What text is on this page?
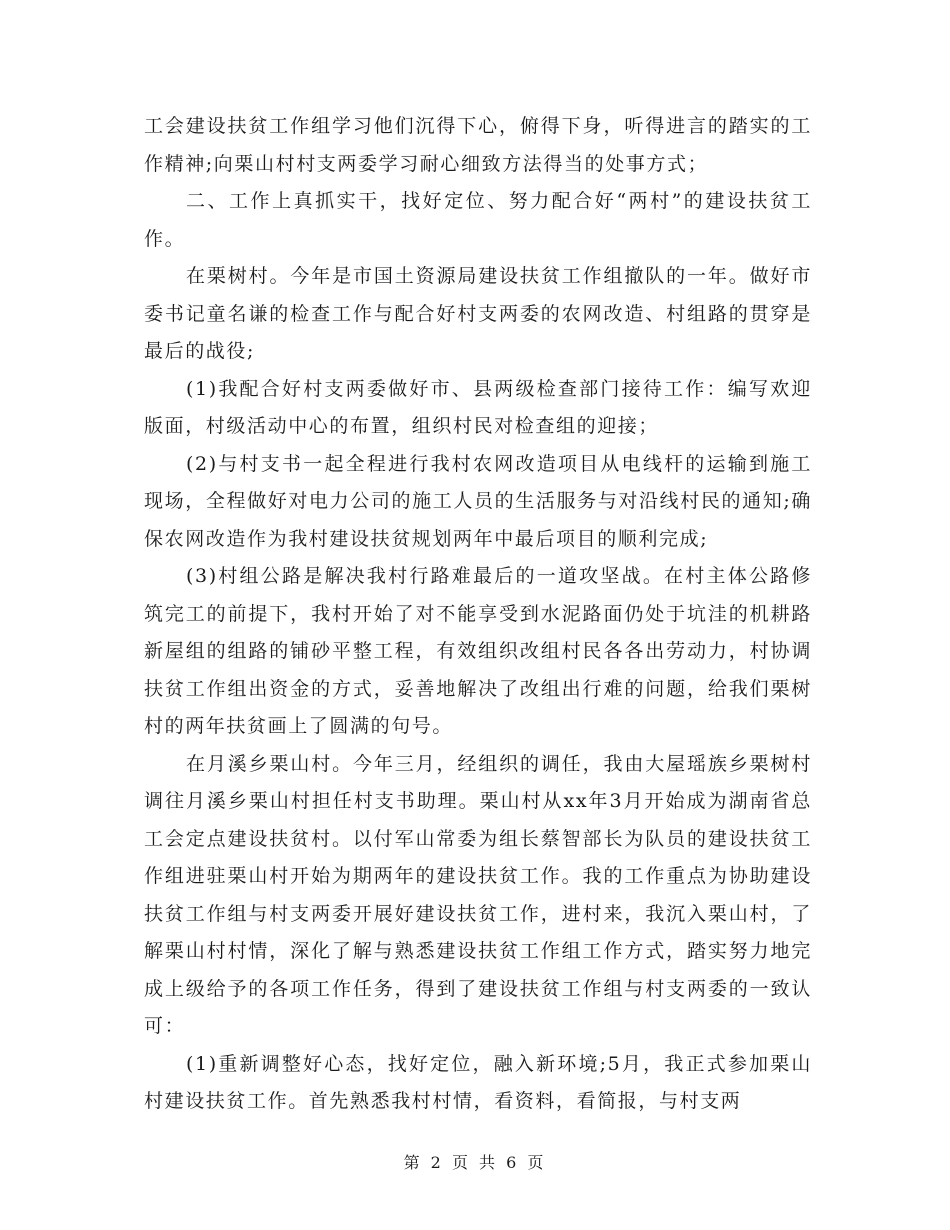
工会建设扶贫工作组学习他们沉得下心，俯得下身，听得进言的踏实的工作精神;向栗山村村支两委学习耐心细致方法得当的处事方式；

二、工作上真抓实干，找好定位、努力配合好“两村”的建设扶贫工作。

在栗树村。今年是市国土资源局建设扶贫工作组撤队的一年。做好市委书记童名谦的检查工作与配合好村支两委的农网改造、村组路的贯穿是最后的战役;

(1)我配合好村支两委做好市、县两级检查部门接待工作：编写欢迎版面，村级活动中心的布置，组织村民对检查组的迎接；

(2)与村支书一起全程进行我村农网改造项目从电线杆的运输到施工现场，全程做好对电力公司的施工人员的生活服务与对沿线村民的通知;确保农网改造作为我村建设扶贫规划两年中最后项目的顺利完成;

(3)村组公路是解决我村行路难最后的一道攻坚战。在村主体公路修筑完工的前提下，我村开始了对不能享受到水泥路面仍处于坑洼的机耕路新屋组的组路的铺砂平整工程，有效组织改组村民各各出劳动力，村协调扶贫工作组出资金的方式，妥善地解决了改组出行难的问题，给我们栗树村的两年扶贫画上了圆满的句号。

在月溪乡栗山村。今年三月，经组织的调任，我由大屋瑶族乡栗树村调往月溪乡栗山村担任村支书助理。栗山村从xx年3月开始成为湖南省总工会定点建设扶贫村。以付军山常委为组长蔡智部长为队员的建设扶贫工作组进驻栗山村开始为期两年的建设扶贫工作。我的工作重点为协助建设扶贫工作组与村支两委开展好建设扶贫工作，进村来，我沉入栗山村，了解栗山村村情，深化了解与熟悉建设扶贫工作组工作方式，踏实努力地完成上级给予的各项工作任务，得到了建设扶贫工作组与村支两委的一致认可：

(1)重新调整好心态，找好定位，融入新环境;5月，我正式参加栗山村建设扶贫工作。首先熟悉我村村情，看资料，看简报，与村支两

第 2 页 共 6 页
